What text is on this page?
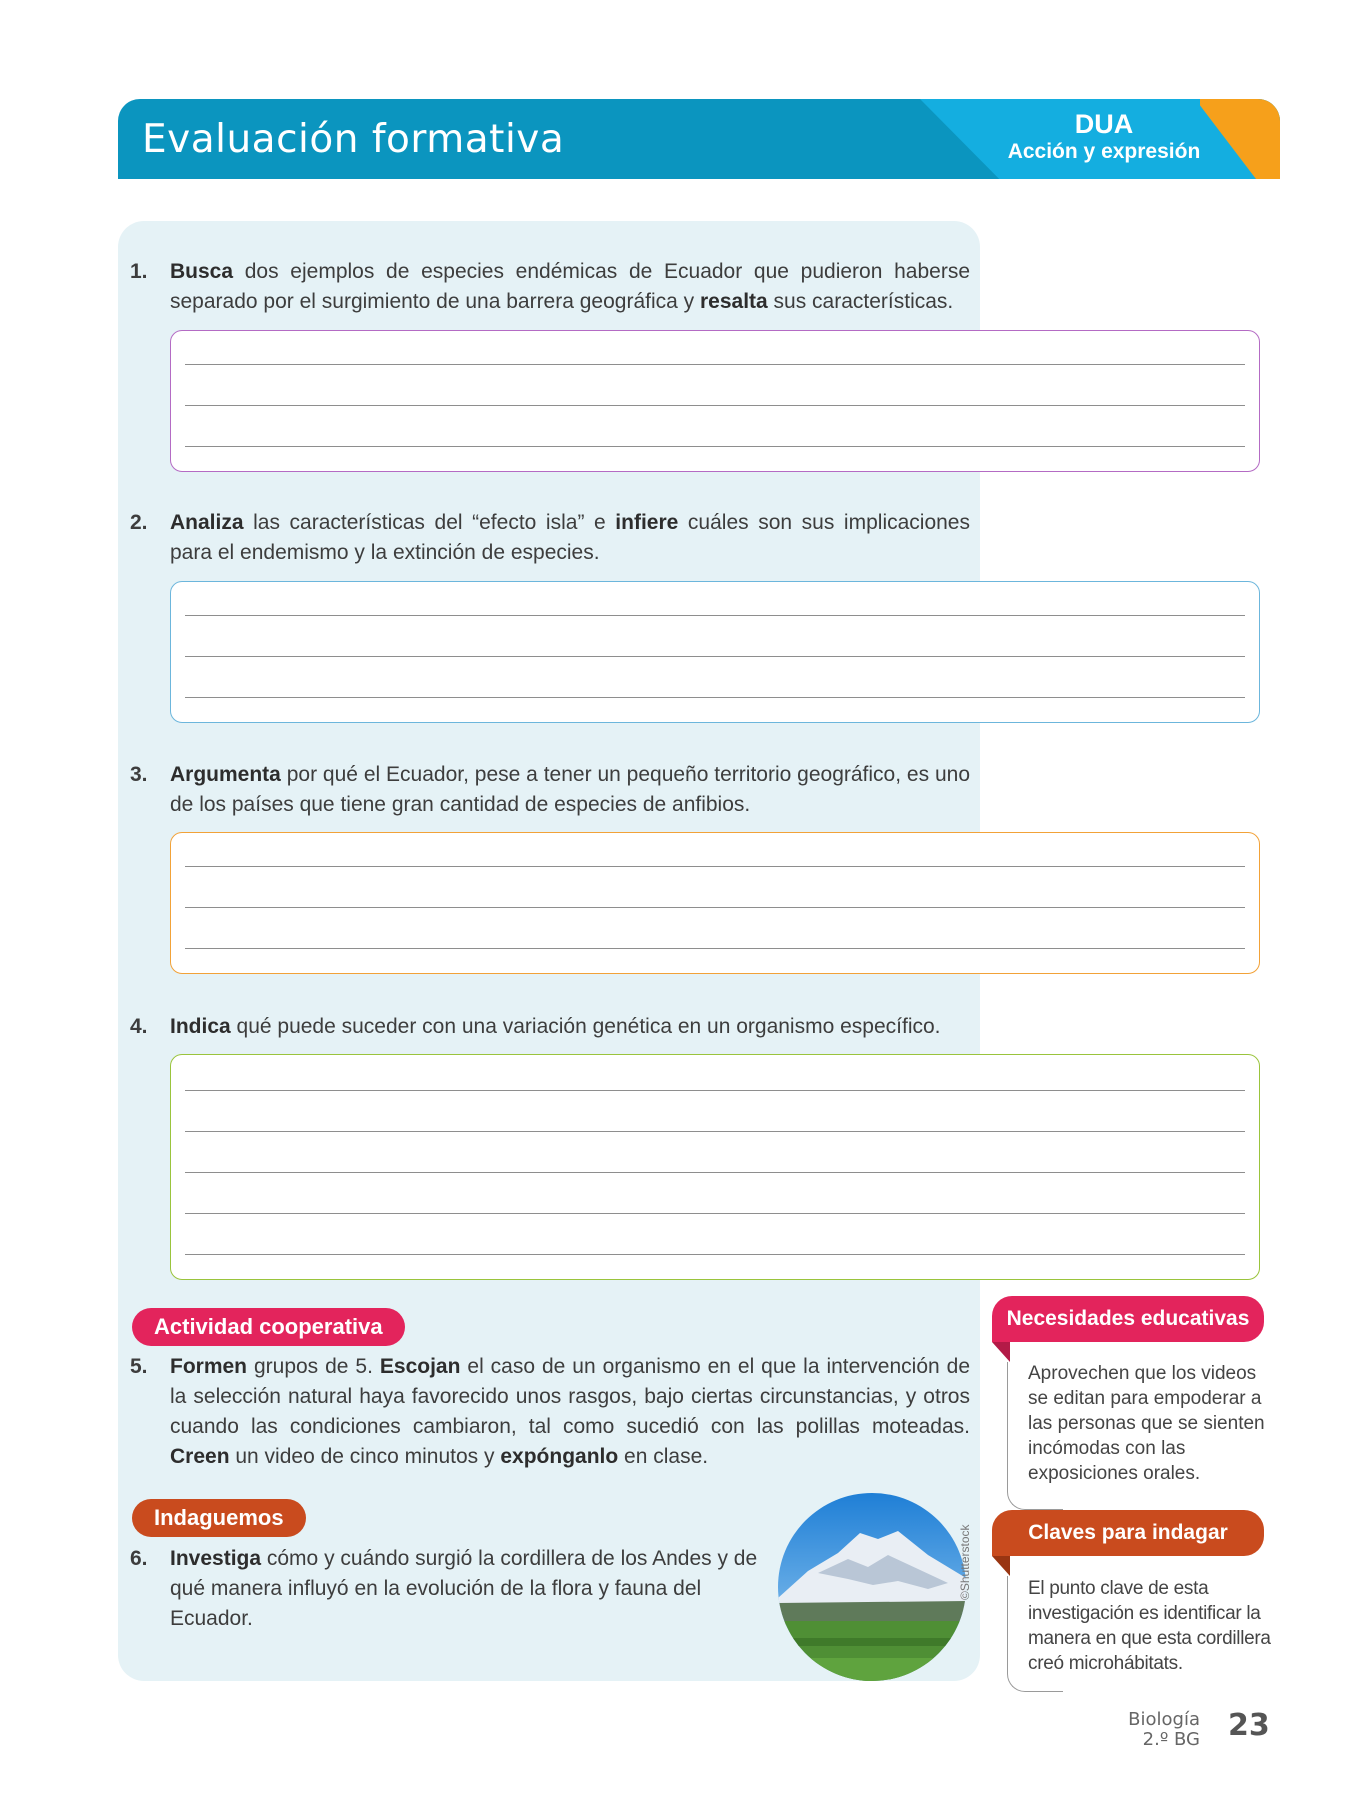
Evaluación formativa	DUA
Acción y expresión
1. Busca dos ejemplos de especies endémicas de Ecuador que pudieron haberse separado por el surgimiento de una barrera geográfica y resalta sus características.
2. Analiza las características del “efecto isla” e infiere cuáles son sus implicaciones para el endemismo y la extinción de especies.
3. Argumenta por qué el Ecuador, pese a tener un pequeño territorio geográfico, es uno de los países que tiene gran cantidad de especies de anfibios.
4. Indica qué puede suceder con una variación genética en un organismo específico.
Actividad cooperativa
5. Formen grupos de 5. Escojan el caso de un organismo en el que la intervención de la selección natural haya favorecido unos rasgos, bajo ciertas circunstancias, y otros cuando las condiciones cambiaron, tal como sucedió con las polillas moteadas. Creen un video de cinco minutos y expónganlo en clase.
Indaguemos
6. Investiga cómo y cuándo surgió la cordillera de los Andes y de qué manera influyó en la evolución de la flora y fauna del Ecuador.
©Shutterstock
Necesidades educativas
Aprovechen que los videos se editan para empoderar a las personas que se sienten incómodas con las exposiciones orales.
Claves para indagar
El punto clave de esta investigación es identificar la manera en que esta cordillera creó microhábitats.
Biología
2.º BG 23
